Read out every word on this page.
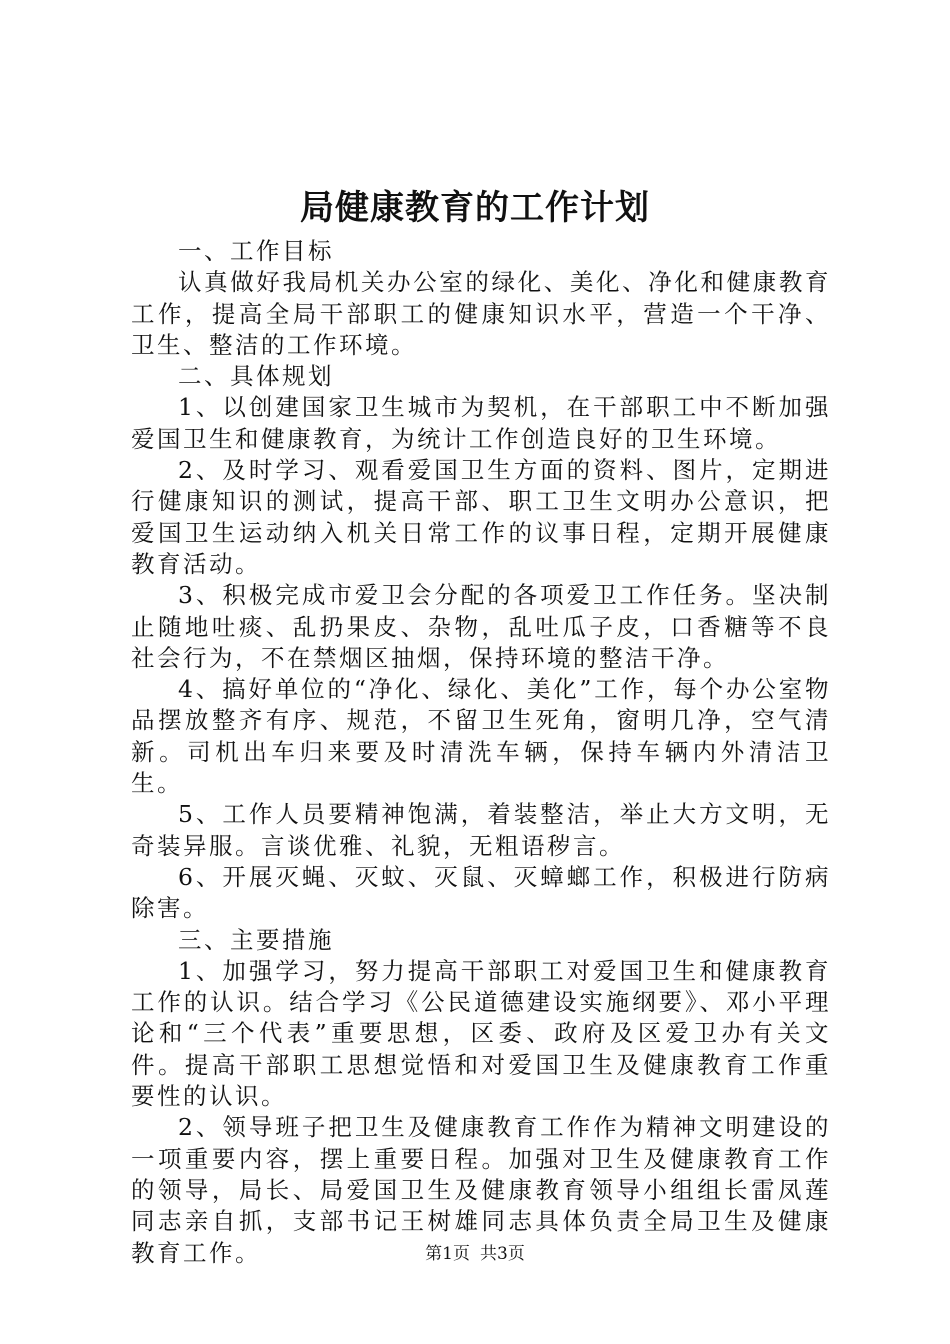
局健康教育的工作计划

一、工作目标

认真做好我局机关办公室的绿化、美化、净化和健康教育工作，提高全局干部职工的健康知识水平，营造一个干净、卫生、整洁的工作环境。

二、具体规划

1、以创建国家卫生城市为契机，在干部职工中不断加强爱国卫生和健康教育，为统计工作创造良好的卫生环境。

2、及时学习、观看爱国卫生方面的资料、图片，定期进行健康知识的测试，提高干部、职工卫生文明办公意识，把爱国卫生运动纳入机关日常工作的议事日程，定期开展健康教育活动。

3、积极完成市爱卫会分配的各项爱卫工作任务。坚决制止随地吐痰、乱扔果皮、杂物，乱吐瓜子皮，口香糖等不良社会行为，不在禁烟区抽烟，保持环境的整洁干净。

4、搞好单位的“净化、绿化、美化”工作，每个办公室物品摆放整齐有序、规范，不留卫生死角，窗明几净，空气清新。司机出车归来要及时清洗车辆，保持车辆内外清洁卫生。

5、工作人员要精神饱满，着装整洁，举止大方文明，无奇装异服。言谈优雅、礼貌，无粗语秽言。

6、开展灭蝇、灭蚊、灭鼠、灭蟑螂工作，积极进行防病除害。

三、主要措施

1、加强学习，努力提高干部职工对爱国卫生和健康教育工作的认识。结合学习《公民道德建设实施纲要》、邓小平理论和“三个代表”重要思想，区委、政府及区爱卫办有关文件。提高干部职工思想觉悟和对爱国卫生及健康教育工作重要性的认识。

2、领导班子把卫生及健康教育工作作为精神文明建设的一项重要内容，摆上重要日程。加强对卫生及健康教育工作的领导，局长、局爱国卫生及健康教育领导小组组长雷凤莲同志亲自抓，支部书记王树雄同志具体负责全局卫生及健康教育工作。	第1页 共3页
